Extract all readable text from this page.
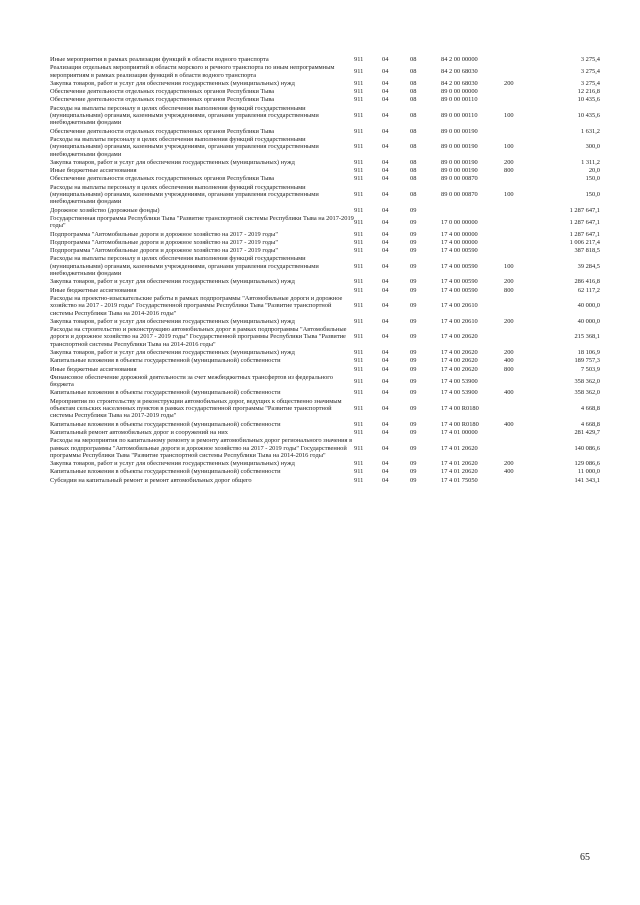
Иные мероприятия в рамках реализации функций в области водного транспорта	911	04	08	84 2 00 00000		3 275,4
Реализация отдельных мероприятий в области морского и речного транспорта по иным непрограммным мероприятиям в рамках реализации функций в области водного транспорта	911	04	08	84 2 00 68030		3 275,4
Закупка товаров, работ и услуг для обеспечения государственных (муниципальных) нужд	911	04	08	84 2 00 68030	200	3 275,4
Обеспечение деятельности отдельных государственных органов Республики Тыва	911	04	08	89 0 00 00000		12 216,8
Обеспечение деятельности отдельных государственных органов Республики Тыва	911	04	08	89 0 00 00110		10 435,6
Расходы на выплаты персоналу в целях обеспечения выполнения функций государственными (муниципальными) органами, казенными учреждениями, органами управления государственными внебюджетными фондами	911	04	08	89 0 00 00110	100	10 435,6
Обеспечение деятельности отдельных государственных органов Республики Тыва	911	04	08	89 0 00 00190		1 631,2
Расходы на выплаты персоналу в целях обеспечения выполнения функций государственными (муниципальными) органами, казенными учреждениями, органами управления государственными внебюджетными фондами	911	04	08	89 0 00 00190	100	300,0
Закупка товаров, работ и услуг для обеспечения государственных (муниципальных) нужд	911	04	08	89 0 00 00190	200	1 311,2
Иные бюджетные ассигнования	911	04	08	89 0 00 00190	800	20,0
Обеспечение деятельности отдельных государственных органов Республики Тыва	911	04	08	89 0 00 00870		150,0
Расходы на выплаты персоналу в целях обеспечения выполнения функций государственными (муниципальными) органами, казенными учреждениями, органами управления государственными внебюджетными фондами	911	04	08	89 0 00 00870	100	150,0
Дорожное хозяйство (дорожные фонды)	911	04	09			1 287 647,1
Государственная программа Республики Тыва "Развитие транспортной системы Республики Тыва на 2017-2019 годы"	911	04	09	17 0 00 00000		1 287 647,1
Подпрограмма "Автомобильные дороги и дорожное хозяйство на 2017 - 2019 годы"	911	04	09	17 4 00 00000		1 287 647,1
Подпрограмма "Автомобильные дороги и дорожное хозяйство на 2017 - 2019 годы"	911	04	09	17 4 00 00000		1 006 217,4
Подпрограмма "Автомобильные дороги и дорожное хозяйство на 2017 - 2019 годы"	911	04	09	17 4 00 00590		387 818,5
Расходы на выплаты персоналу в целях обеспечения выполнения функций государственными (муниципальными) органами, казенными учреждениями, органами управления государственными внебюджетными фондами	911	04	09	17 4 00 00590	100	39 284,5
Закупка товаров, работ и услуг для обеспечения государственных (муниципальных) нужд	911	04	09	17 4 00 00590	200	286 416,8
Иные бюджетные ассигнования	911	04	09	17 4 00 00590	800	62 117,2
Расходы на проектно-изыскательские работы в рамках подпрограммы "Автомобильные дороги и дорожное хозяйство на 2017 - 2019 годы" Государственной программы Республики Тыва "Развитие транспортной системы Республики Тыва на 2014-2016 годы"	911	04	09	17 4 00 20610		40 000,0
Закупка товаров, работ и услуг для обеспечения государственных (муниципальных) нужд	911	04	09	17 4 00 20610	200	40 000,0
Расходы на строительство и реконструкцию автомобильных дорог в рамках подпрограммы "Автомобильные дороги и дорожное хозяйство на 2017 - 2019 годы" Государственной программы Республики Тыва "Развитие транспортной системы Республики Тыва на 2014-2016 годы"	911	04	09	17 4 00 20620		215 368,1
Закупка товаров, работ и услуг для обеспечения государственных (муниципальных) нужд	911	04	09	17 4 00 20620	200	18 106,9
Капитальные вложения в объекты государственной (муниципальной) собственности	911	04	09	17 4 00 20620	400	189 757,3
Иные бюджетные ассигнования	911	04	09	17 4 00 20620	800	7 503,9
Финансовое обеспечение дорожной деятельности за счет межбюджетных трансфертов из федерального бюджета	911	04	09	17 4 00 53900		358 362,0
Капитальные вложения в объекты государственной (муниципальной) собственности	911	04	09	17 4 00 53900	400	358 362,0
Мероприятия по строительству и реконструкции автомобильных дорог, ведущих к общественно значимым объектам сельских населенных пунктов в рамках государственной программы "Развитие транспортной системы Республики Тыва на 2017-2019 годы"	911	04	09	17 4 00 R0180		4 668,8
Капитальные вложения в объекты государственной (муниципальной) собственности	911	04	09	17 4 00 R0180	400	4 668,8
Капитальный ремонт автомобильных дорог и сооружений на них	911	04	09	17 4 01 00000		281 429,7
Расходы на мероприятия по капитальному ремонту и ремонту автомобильных дорог регионального значения в рамках подпрограммы "Автомобильные дороги и дорожное хозяйство на 2017 - 2019 годы" Государственной программы Республики Тыва "Развитие транспортной системы Республики Тыва на 2014-2016 годы"	911	04	09	17 4 01 20620		140 086,6
Закупка товаров, работ и услуг для обеспечения государственных (муниципальных) нужд	911	04	09	17 4 01 20620	200	129 086,6
Капитальные вложения в объекты государственной (муниципальной) собственности	911	04	09	17 4 01 20620	400	11 000,0
Субсидии на капитальный ремонт и ремонт автомобильных дорог общего	911	04	09	17 4 01 75050		141 343,1
65
